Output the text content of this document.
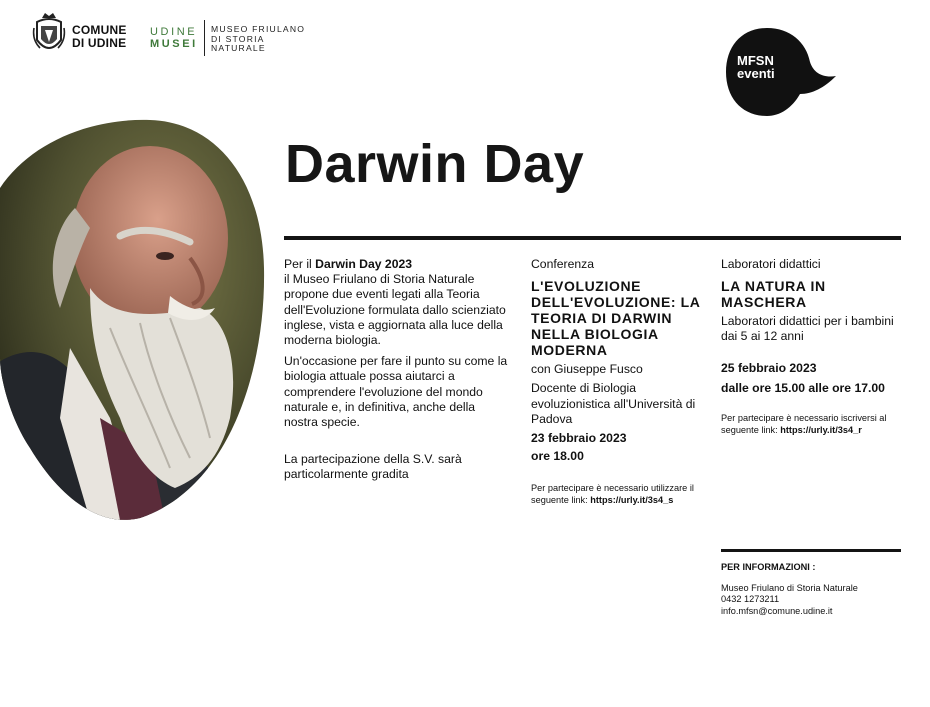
COMUNE
DI UDINE
UDINE
MUSEI
MUSEO FRIULANO
DI STORIA
NATURALE
MFSN
eventi
Darwin Day

Per il Darwin Day 2023
il Museo Friulano di Storia Naturale propone due eventi legati alla Teoria dell'Evoluzione formulata dallo scienziato inglese, vista e aggiornata alla luce della moderna biologia.

Un'occasione per fare il punto su come la biologia attuale possa aiutarci a comprendere l'evoluzione del mondo naturale e, in definitiva, anche della nostra specie.

La partecipazione della S.V. sarà particolarmente gradita

Conferenza
L'EVOLUZIONE DELL'EVOLUZIONE: LA TEORIA DI DARWIN NELLA BIOLOGIA MODERNA
con Giuseppe Fusco
Docente di Biologia evoluzionistica all'Università di Padova
23 febbraio 2023
ore 18.00
Per partecipare è necessario utilizzare il seguente link: https://urly.it/3s4_s
Laboratori didattici
LA NATURA IN MASCHERA
Laboratori didattici per i bambini dai 5 ai 12 anni
25 febbraio 2023
dalle ore 15.00 alle ore 17.00
Per partecipare è necessario iscriversi al seguente link: https://urly.it/3s4_r
PER INFORMAZIONI :
Museo Friulano di Storia Naturale
0432 1273211
info.mfsn@comune.udine.it
